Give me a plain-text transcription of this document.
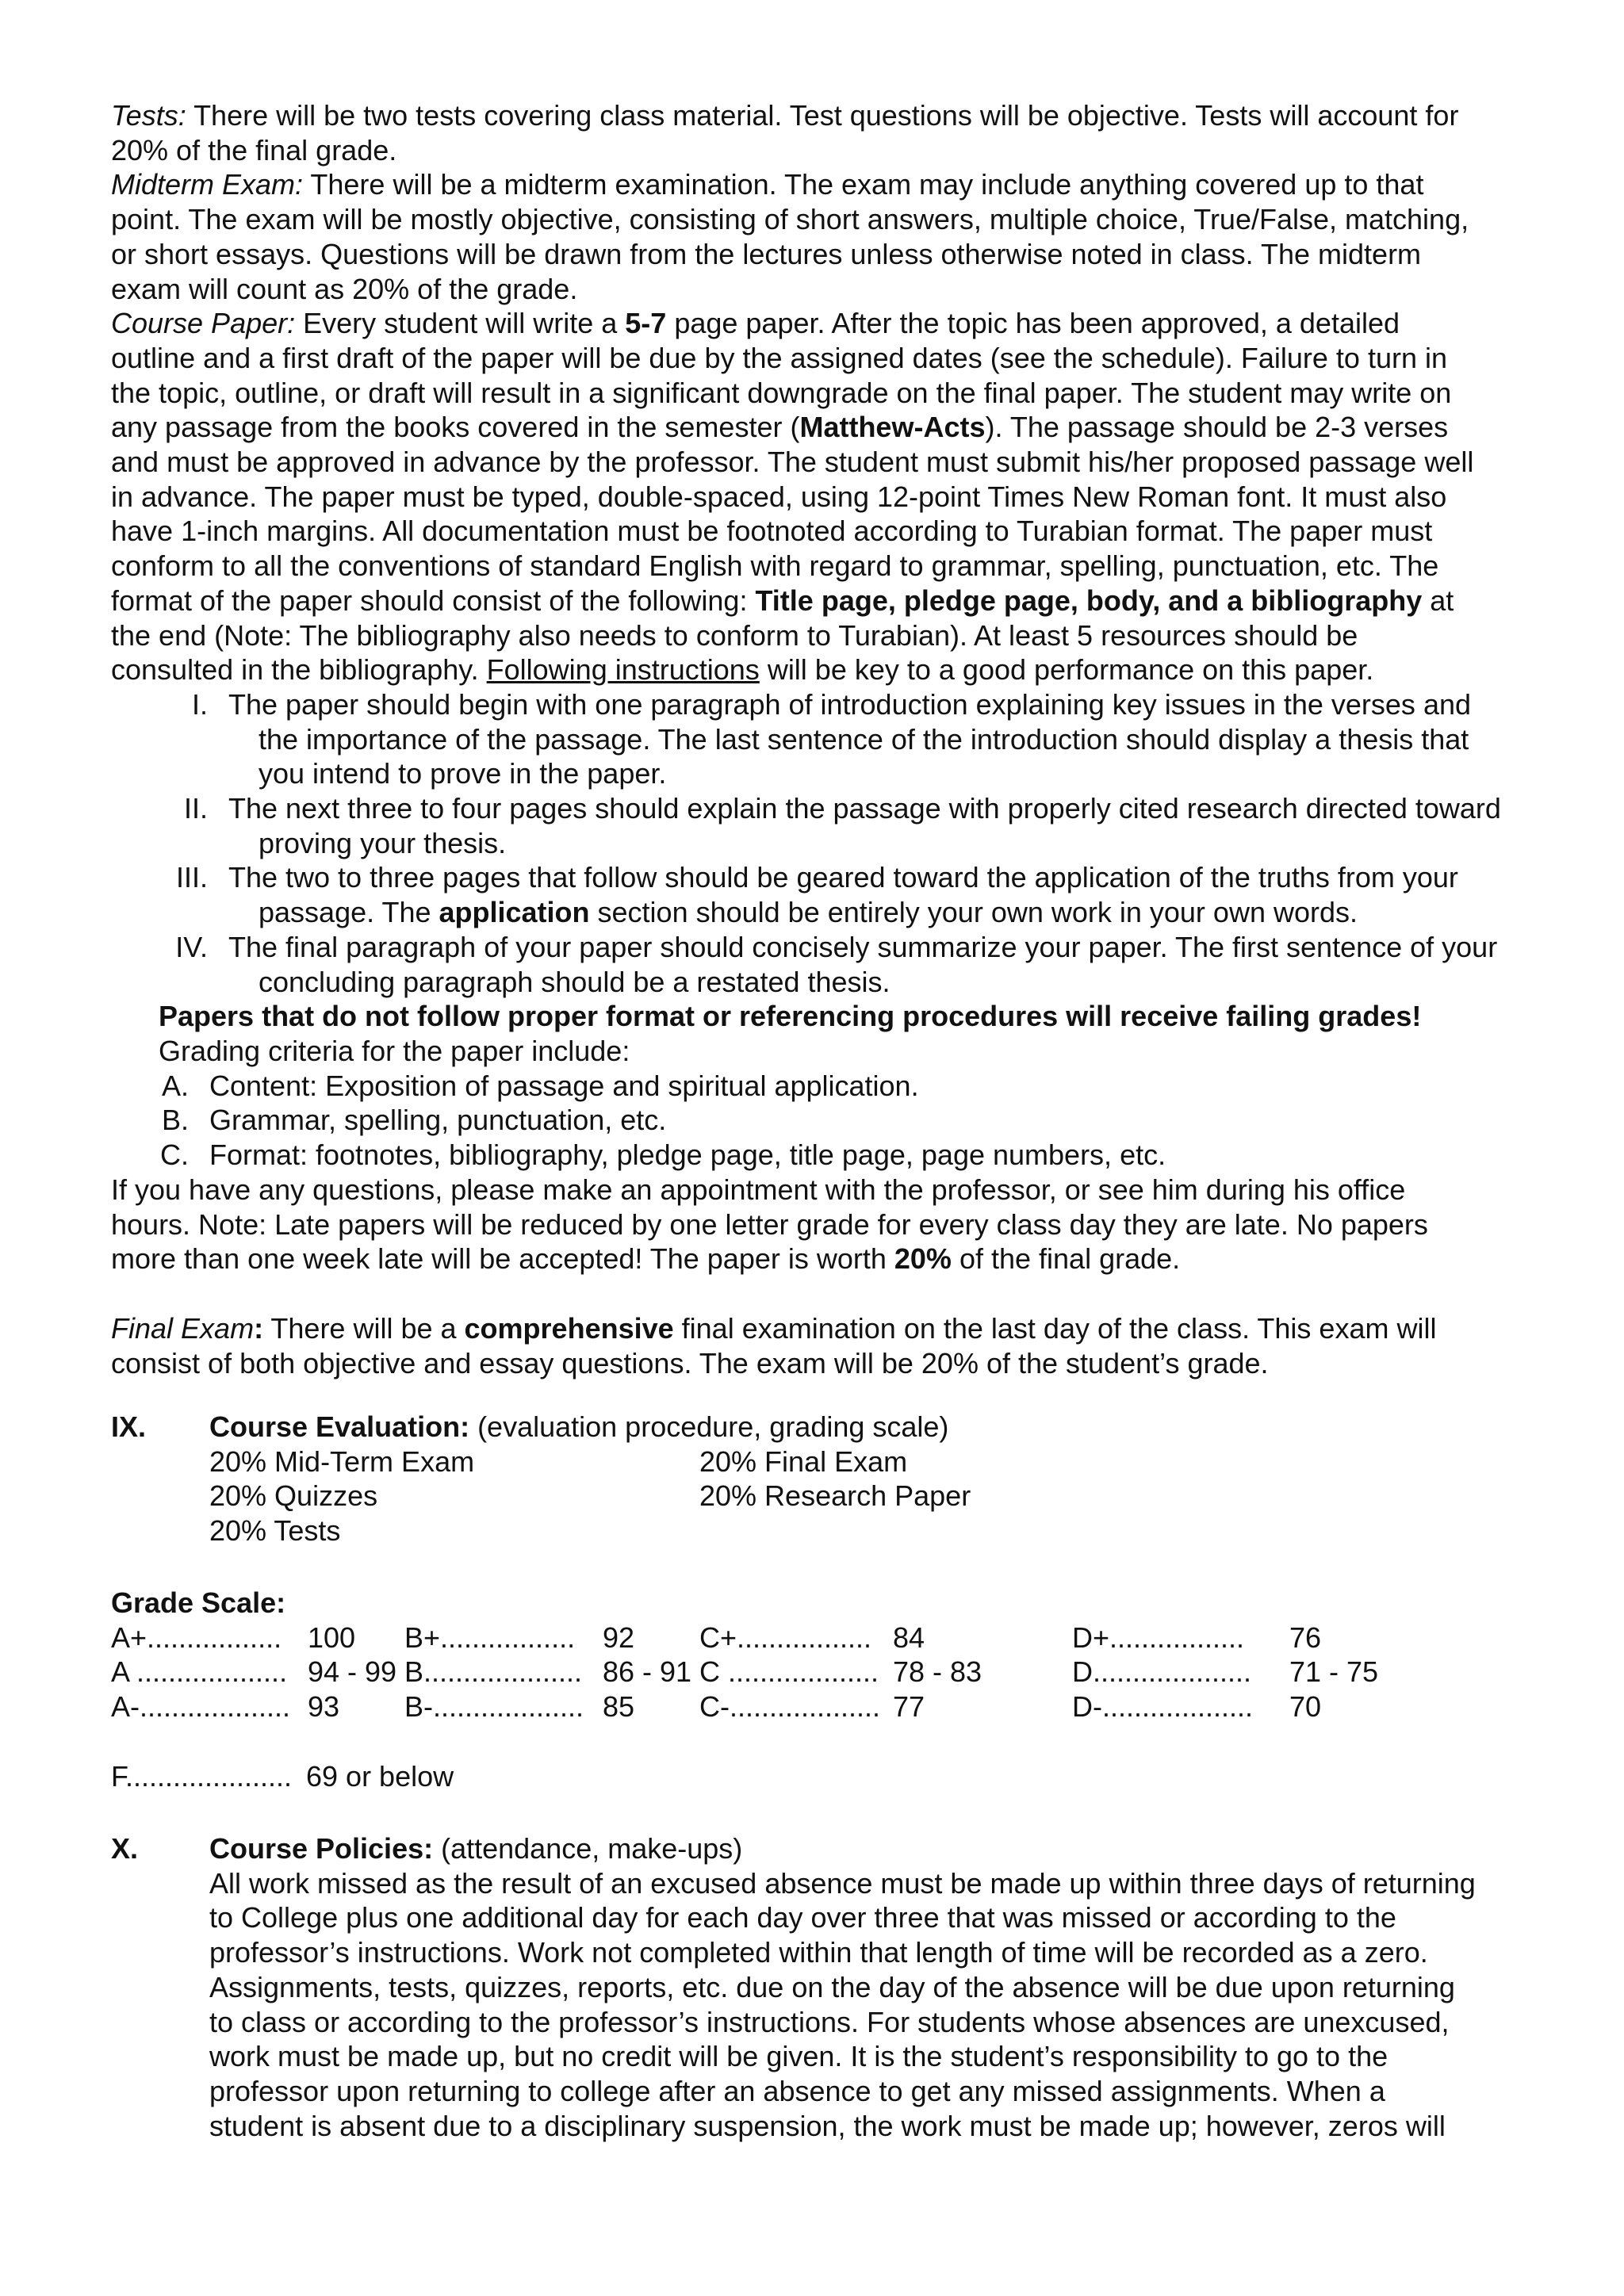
Tests: There will be two tests covering class material. Test questions will be objective. Tests will account for
20% of the final grade.
Midterm Exam: There will be a midterm examination. The exam may include anything covered up to that
point. The exam will be mostly objective, consisting of short answers, multiple choice, True/False, matching,
or short essays. Questions will be drawn from the lectures unless otherwise noted in class. The midterm
exam will count as 20% of the grade.
Course Paper: Every student will write a 5-7 page paper. After the topic has been approved, a detailed
outline and a first draft of the paper will be due by the assigned dates (see the schedule). Failure to turn in
the topic, outline, or draft will result in a significant downgrade on the final paper. The student may write on
any passage from the books covered in the semester (Matthew-Acts). The passage should be 2-3 verses
and must be approved in advance by the professor. The student must submit his/her proposed passage well
in advance. The paper must be typed, double-spaced, using 12-point Times New Roman font. It must also
have 1-inch margins. All documentation must be footnoted according to Turabian format. The paper must
conform to all the conventions of standard English with regard to grammar, spelling, punctuation, etc. The
format of the paper should consist of the following: Title page, pledge page, body, and a bibliography at
the end (Note: The bibliography also needs to conform to Turabian). At least 5 resources should be
consulted in the bibliography. Following instructions will be key to a good performance on this paper.
I. The paper should begin with one paragraph of introduction explaining key issues in the verses and
the importance of the passage. The last sentence of the introduction should display a thesis that
you intend to prove in the paper.
II. The next three to four pages should explain the passage with properly cited research directed toward
proving your thesis.
III. The two to three pages that follow should be geared toward the application of the truths from your
passage. The application section should be entirely your own work in your own words.
IV. The final paragraph of your paper should concisely summarize your paper. The first sentence of your
concluding paragraph should be a restated thesis.
Papers that do not follow proper format or referencing procedures will receive failing grades!
Grading criteria for the paper include:
A. Content: Exposition of passage and spiritual application.
B. Grammar, spelling, punctuation, etc.
C. Format: footnotes, bibliography, pledge page, title page, page numbers, etc.
If you have any questions, please make an appointment with the professor, or see him during his office
hours. Note: Late papers will be reduced by one letter grade for every class day they are late. No papers
more than one week late will be accepted! The paper is worth 20% of the final grade.
Final Exam: There will be a comprehensive final examination on the last day of the class. This exam will
consist of both objective and essay questions. The exam will be 20% of the student’s grade.
IX. Course Evaluation: (evaluation procedure, grading scale)
20% Mid-Term Exam	20% Final Exam
20% Quizzes	20% Research Paper
20% Tests
Grade Scale:
A+................. 100 B+................. 92 C+................. 84	D+................. 76
A ................... 94 - 99 B.................... 86 - 91 C ................... 78 - 83	D.................... 71 - 75
A-................... 93 B-................... 85 C-................... 77	D-................... 70
F..................... 69 or below
X. Course Policies: (attendance, make-ups)
All work missed as the result of an excused absence must be made up within three days of returning
to College plus one additional day for each day over three that was missed or according to the
professor’s instructions. Work not completed within that length of time will be recorded as a zero.
Assignments, tests, quizzes, reports, etc. due on the day of the absence will be due upon returning
to class or according to the professor’s instructions. For students whose absences are unexcused,
work must be made up, but no credit will be given. It is the student’s responsibility to go to the
professor upon returning to college after an absence to get any missed assignments. When a
student is absent due to a disciplinary suspension, the work must be made up; however, zeros will
